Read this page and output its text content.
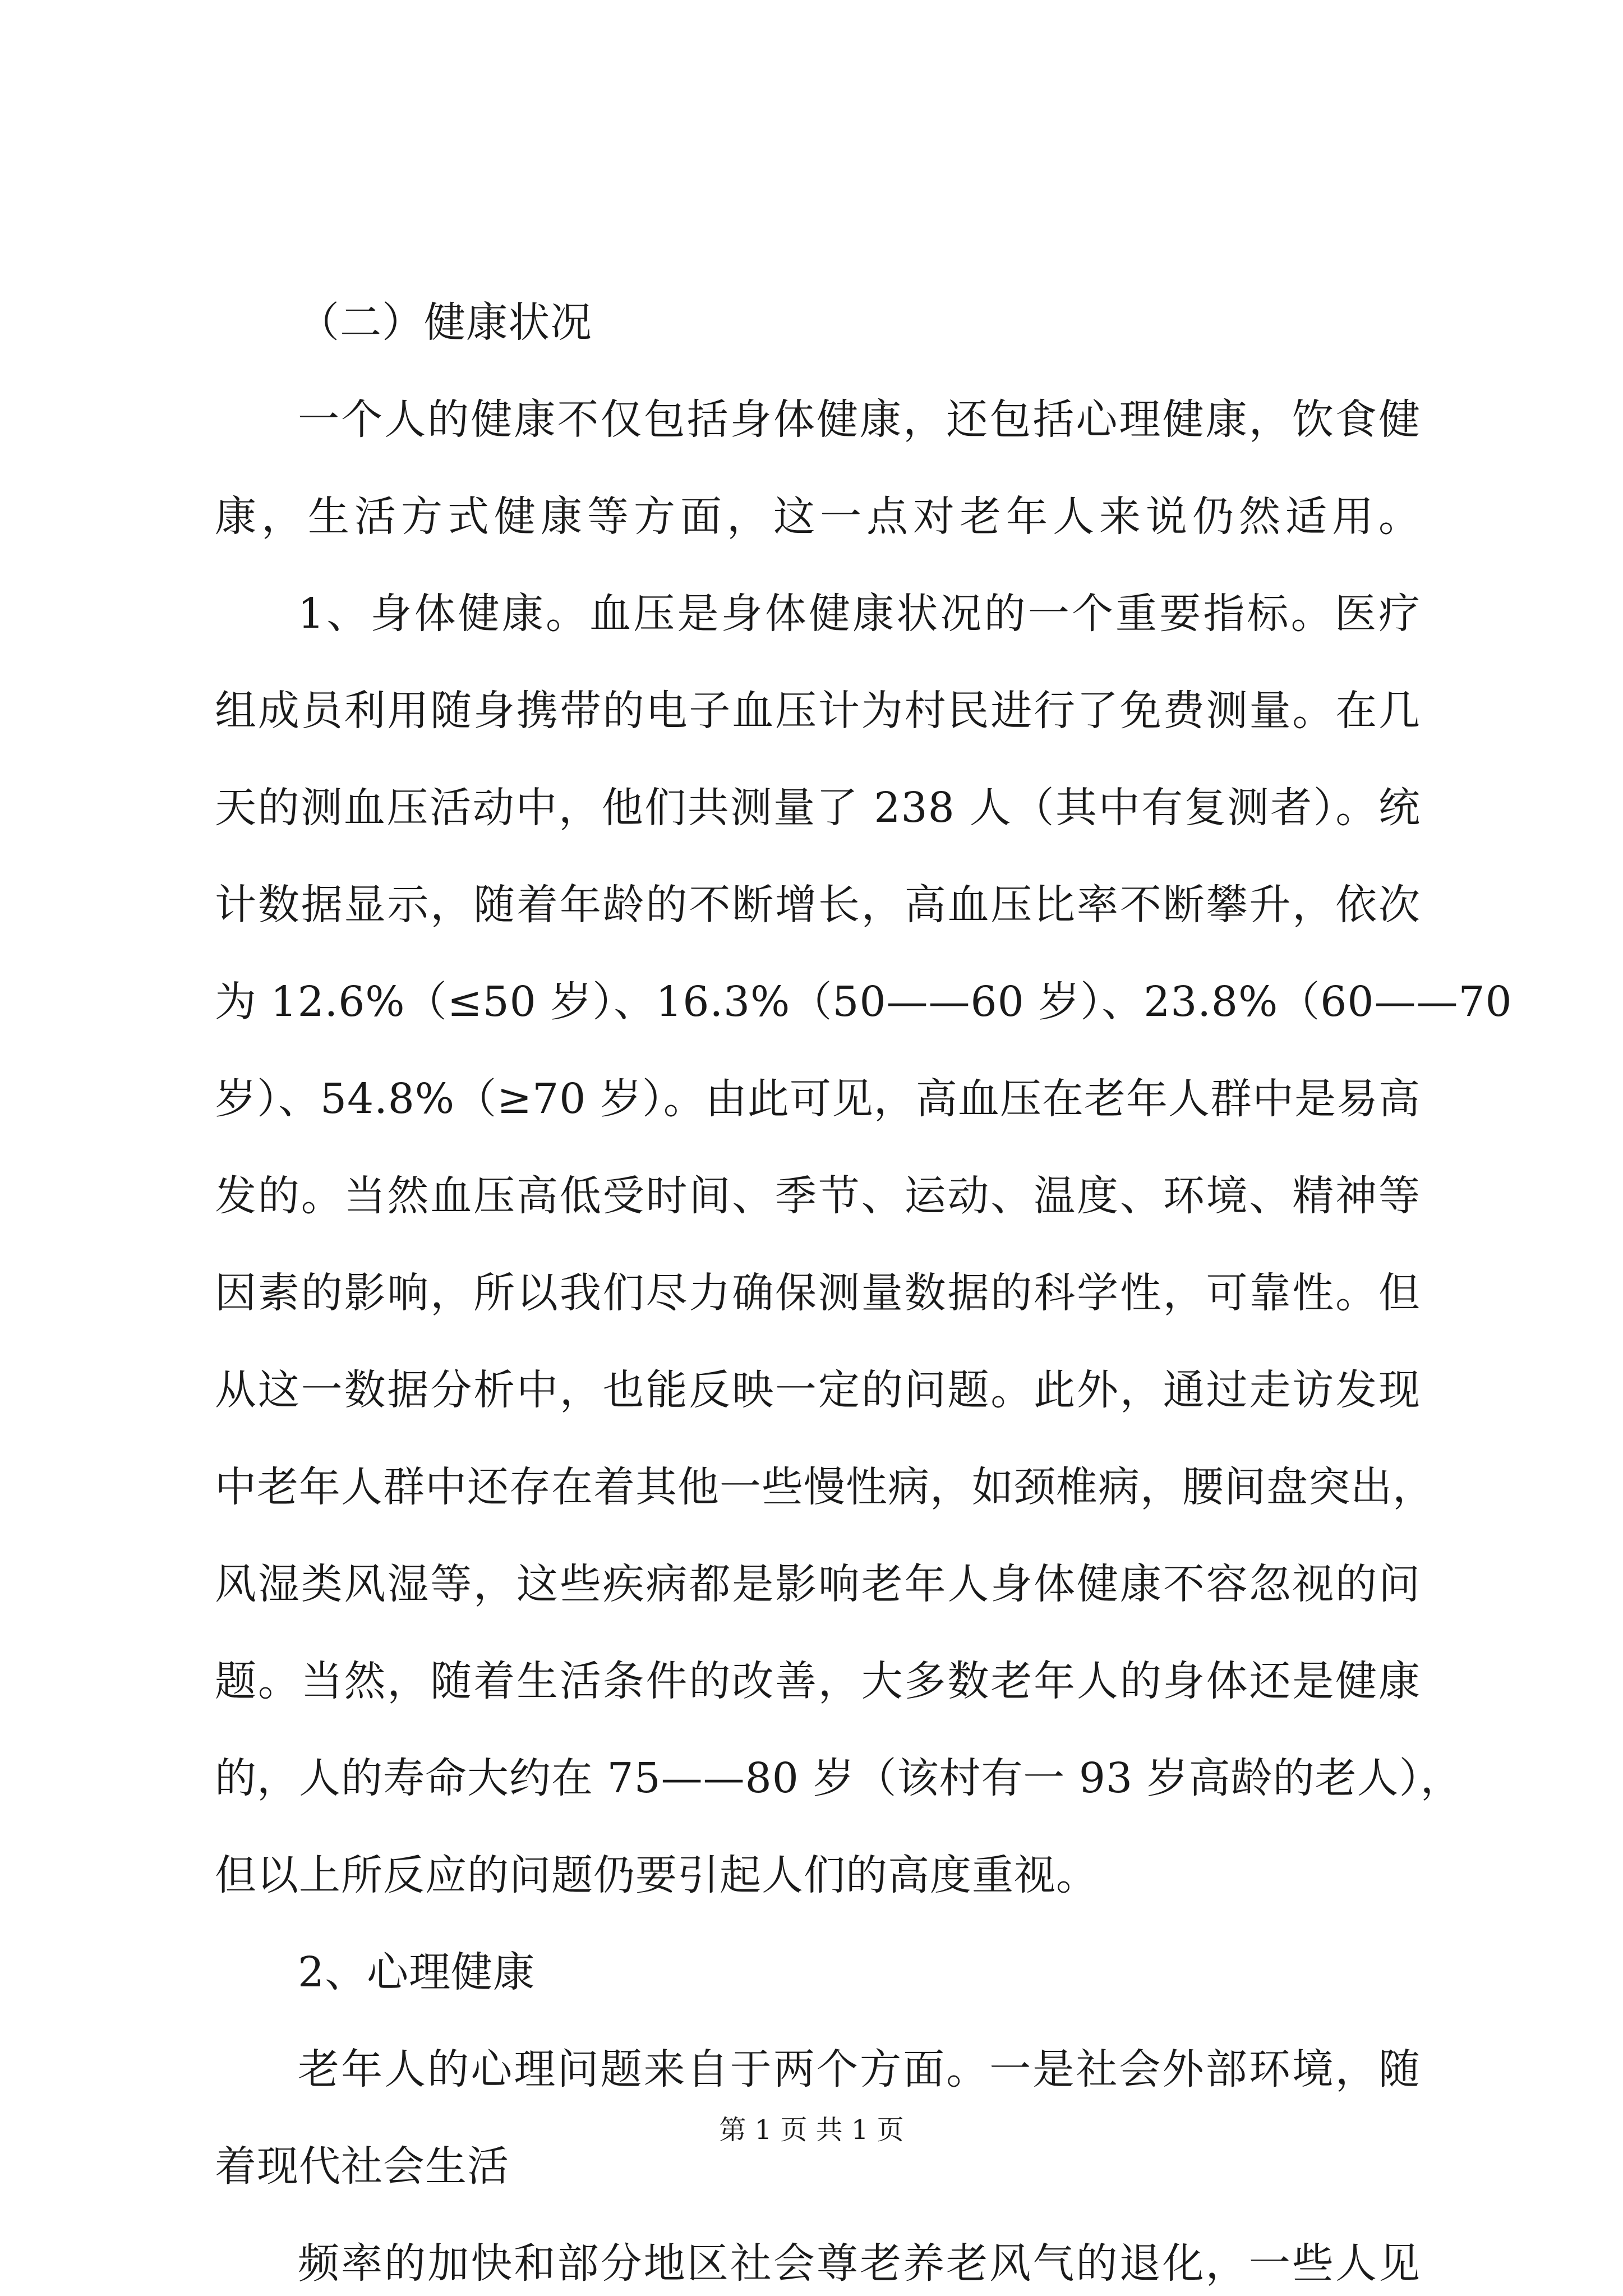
（二）健康状况
一个人的健康不仅包括身体健康，还包括心理健康，饮食健
康，生活方式健康等方面，这一点对老年人来说仍然适用。
1、身体健康。血压是身体健康状况的一个重要指标。医疗
组成员利用随身携带的电子血压计为村民进行了免费测量。在几
天的测血压活动中，他们共测量了 238 人（其中有复测者）。统
计数据显示，随着年龄的不断增长，高血压比率不断攀升，依次
为 12.6%（≤50 岁）、16.3%（50——60 岁）、23.8%（60——70
岁）、54.8%（≥70 岁）。由此可见，高血压在老年人群中是易高
发的。当然血压高低受时间、季节、运动、温度、环境、精神等
因素的影响，所以我们尽力确保测量数据的科学性，可靠性。但
从这一数据分析中，也能反映一定的问题。此外，通过走访发现
中老年人群中还存在着其他一些慢性病，如颈椎病，腰间盘突出，
风湿类风湿等，这些疾病都是影响老年人身体健康不容忽视的问
题。当然，随着生活条件的改善，大多数老年人的身体还是健康
的，人的寿命大约在 75——80 岁（该村有一 93 岁高龄的老人），
但以上所反应的问题仍要引起人们的高度重视。
2、心理健康
老年人的心理问题来自于两个方面。一是社会外部环境，随
着现代社会生活
频率的加快和部分地区社会尊老养老风气的退化，一些人见
第 1 页 共 1 页
